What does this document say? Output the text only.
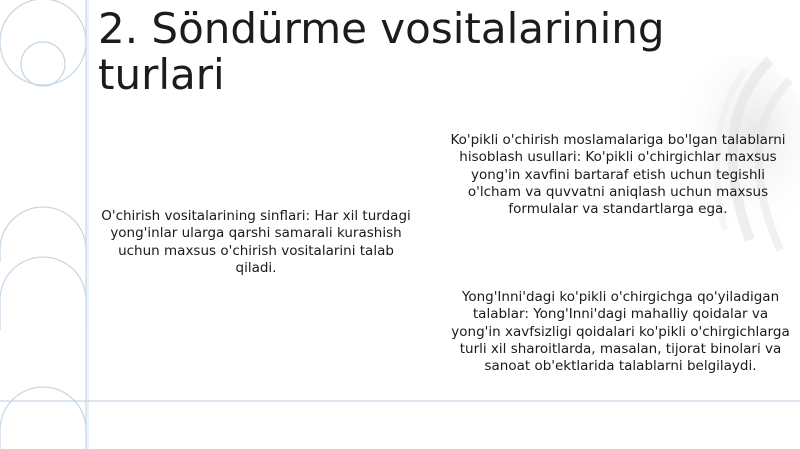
2. Söndürme vositalarining turlari

O'chirish vositalarining sinflari: Har xil turdagi yong'inlar ularga qarshi samarali kurashish uchun maxsus o'chirish vositalarini talab qiladi.

Ko'pikli o'chirish moslamalariga bo'lgan talablarni hisoblash usullari: Ko'pikli o'chirgichlar maxsus yong'in xavfini bartaraf etish uchun tegishli o'lcham va quvvatni aniqlash uchun maxsus formulalar va standartlarga ega.

Yong'Inni'dagi ko'pikli o'chirgichga qo'yiladigan talablar: Yong'Inni'dagi mahalliy qoidalar va yong'in xavfsizligi qoidalari ko'pikli o'chirgichlarga turli xil sharoitlarda, masalan, tijorat binolari va sanoat ob'ektlarida talablarni belgilaydi.
